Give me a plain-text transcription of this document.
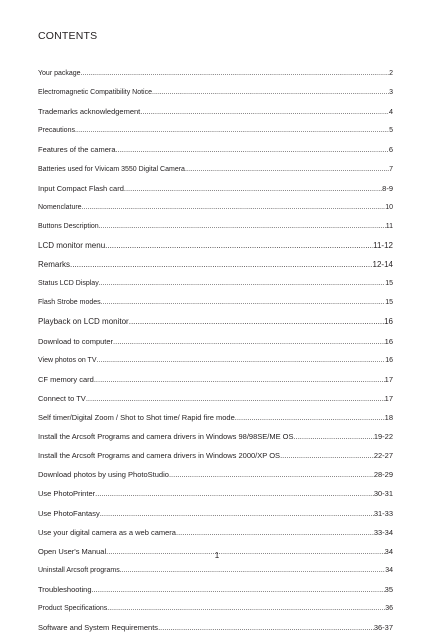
CONTENTS
Your package .....	2
Electromagnetic Compatibility Notice .....	3
Trademarks acknowledgement .....	4
Precautions .....	5
Features of the camera .....	6
Batteries used for Vivicam 3550 Digital Camera .....	7
Input Compact Flash card .....	8-9
Nomenclature .....	10
Buttons Description .....	11
LCD monitor menu .....	11-12
Remarks .....	12-14
Status LCD Display .....	15
Flash Strobe modes .....	15
Playback on LCD monitor .....	16
Download to computer .....	16
View photos on TV .....	16
CF memory card .....	17
Connect to TV .....	17
Self timer/Digital Zoom / Shot to Shot time/ Rapid fire mode .....	18
Install the Arcsoft Programs and camera drivers in Windows 98/98SE/ME OS .....	19-22
Install the Arcsoft Programs and camera drivers in Windows 2000/XP OS .....	22-27
Download photos by using PhotoStudio .....	28-29
Use PhotoPrinter .....	30-31
Use PhotoFantasy .....	31-33
Use your digital camera as a web camera .....	33-34
Open User's Manual .....	34
Uninstall Arcsoft programs .....	34
Troubleshooting .....	35
Product Specifications .....	36
Software and System Requirements .....	36-37
1
